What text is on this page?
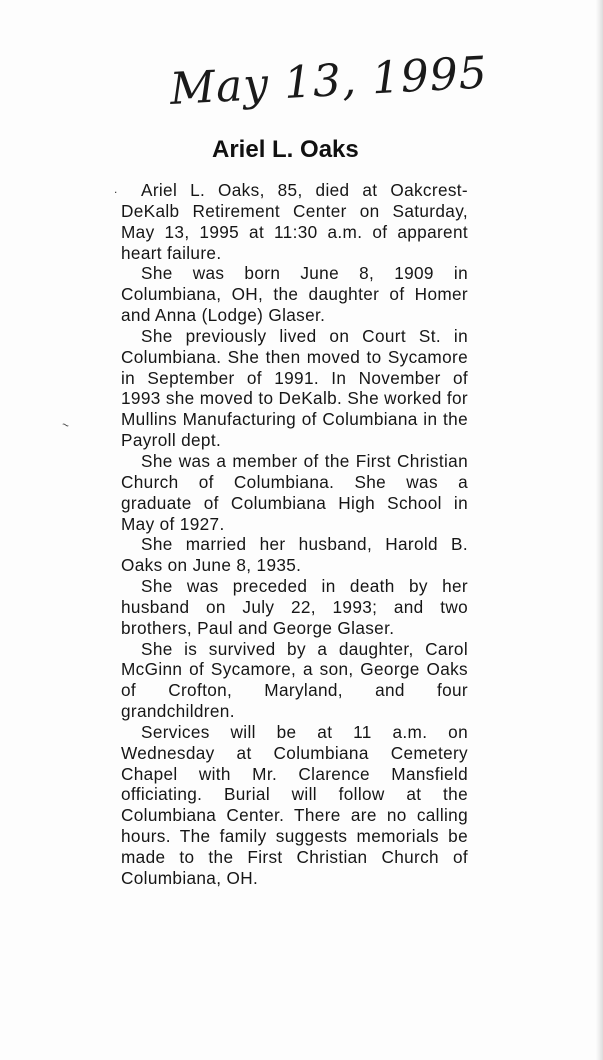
May 13, 1995
Ariel L. Oaks
.
~

Ariel L. Oaks, 85, died at Oakcrest-DeKalb Retirement Center on Saturday, May 13, 1995 at 11:30 a.m. of apparent heart failure.

She was born June 8, 1909 in Columbiana, OH, the daughter of Homer and Anna (Lodge) Glaser.

She previously lived on Court St. in Columbiana. She then moved to Sycamore in September of 1991. In November of 1993 she moved to DeKalb. She worked for Mullins Manufacturing of Columbiana in the Payroll dept.

She was a member of the First Christian Church of Columbiana. She was a graduate of Columbiana High School in May of 1927.

She married her husband, Harold B. Oaks on June 8, 1935.

She was preceded in death by her husband on July 22, 1993; and two brothers, Paul and George Glaser.

She is survived by a daughter, Carol McGinn of Sycamore, a son, George Oaks of Crofton, Maryland, and four grandchildren.

Services will be at 11 a.m. on Wednesday at Columbiana Cemetery Chapel with Mr. Clarence Mansfield officiating. Burial will follow at the Columbiana Center. There are no calling hours. The family suggests memorials be made to the First Christian Church of Columbiana, OH.
